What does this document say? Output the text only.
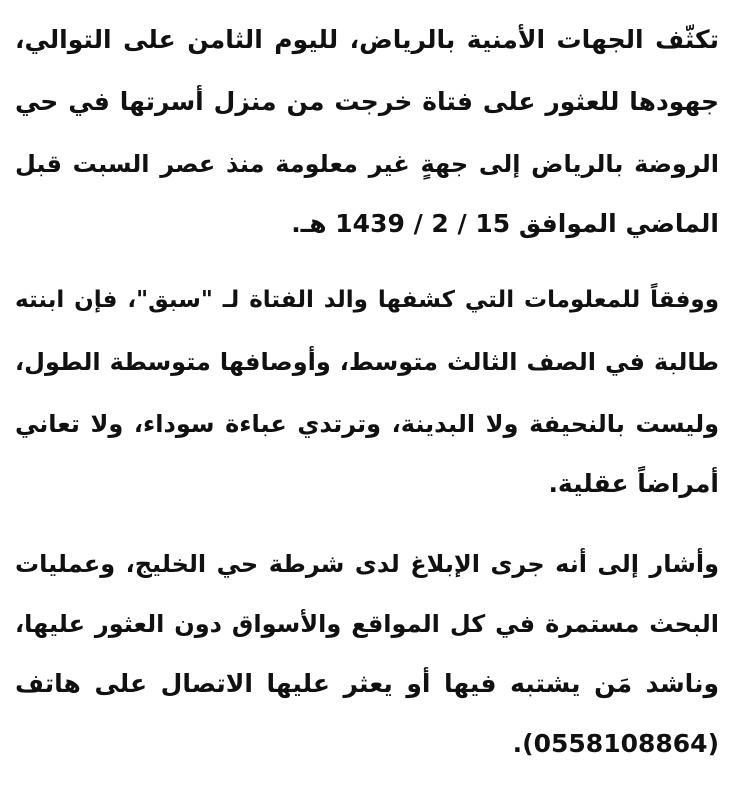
تكثّف الجهات الأمنية بالرياض، لليوم الثامن على التوالي،
جهودها للعثور على فتاة خرجت من منزل أسرتها في حي
الروضة بالرياض إلى جهةٍ غير معلومة منذ عصر السبت قبل
الماضي الموافق 15 / 2 / 1439 هـ.
ووفقاً للمعلومات التي كشفها والد الفتاة لـ "سبق"، فإن ابنته
طالبة في الصف الثالث متوسط، وأوصافها متوسطة الطول،
وليست بالنحيفة ولا البدينة، وترتدي عباءة سوداء، ولا تعاني
أمراضاً عقلية.
وأشار إلى أنه جرى الإبلاغ لدى شرطة حي الخليج، وعمليات
البحث مستمرة في كل المواقع والأسواق دون العثور عليها،
وناشد مَن يشتبه فيها أو يعثر عليها الاتصال على هاتف
(0558108864).
